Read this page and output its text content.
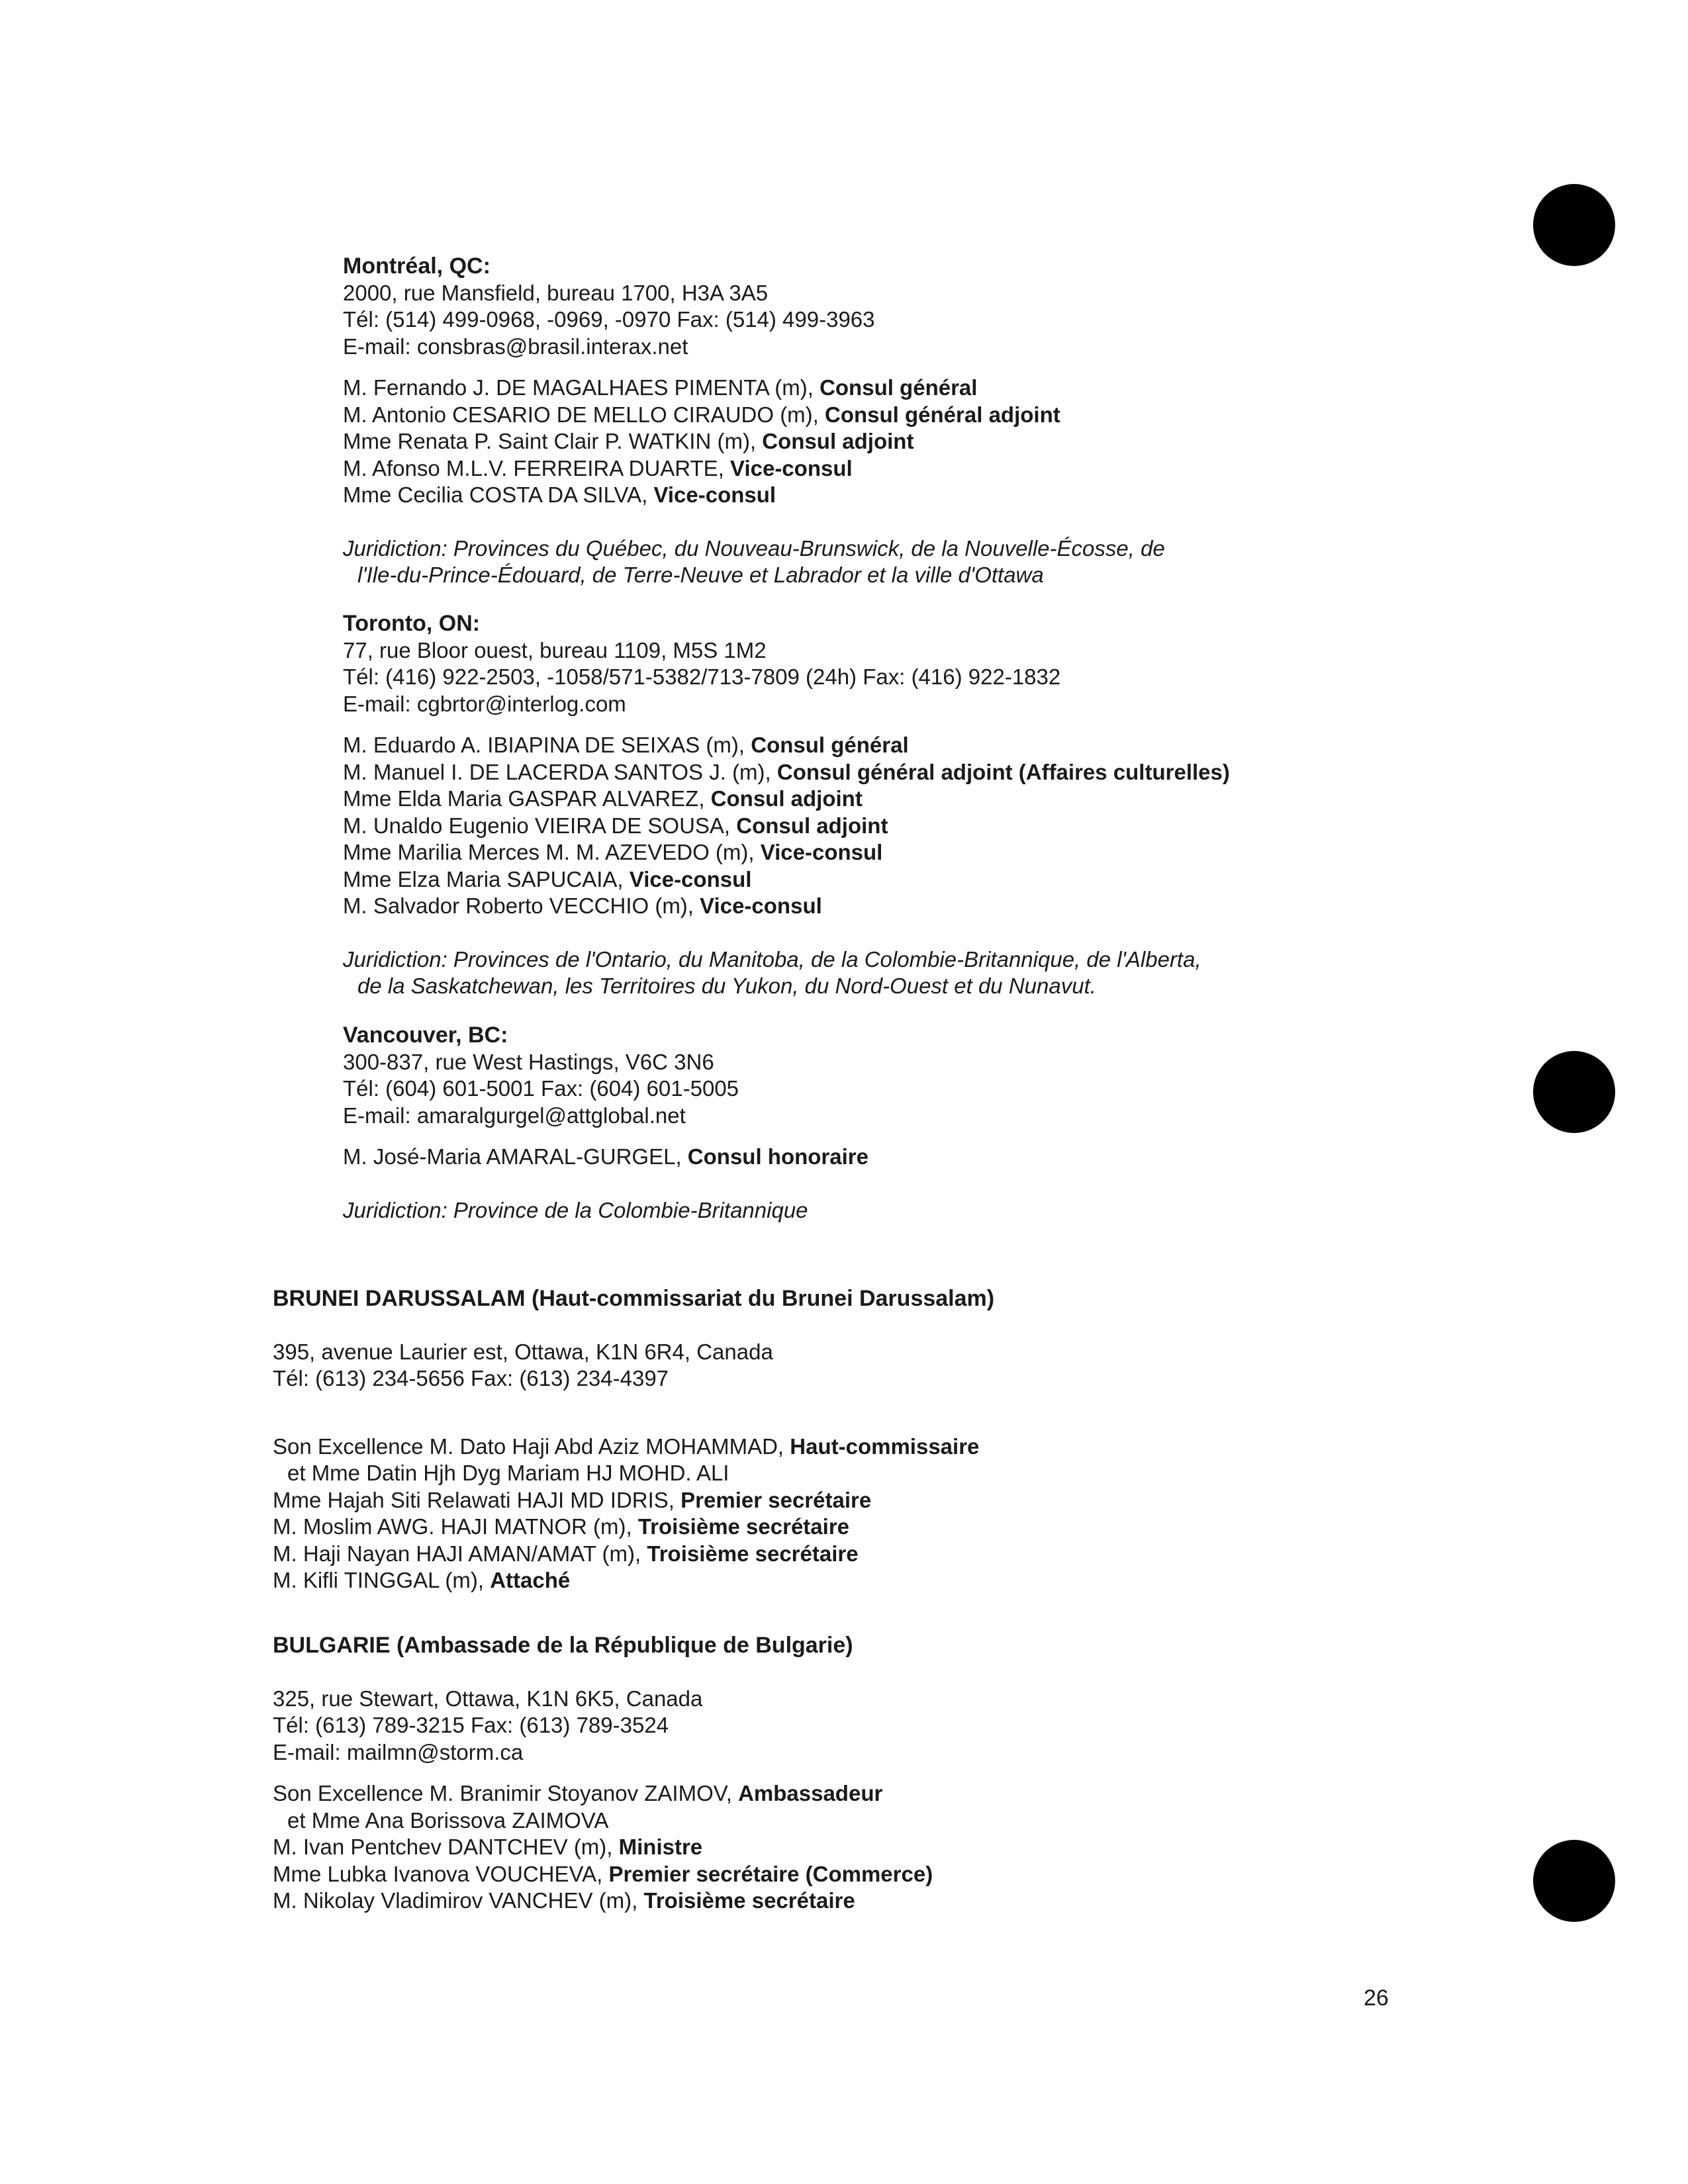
Montréal, QC:
2000, rue Mansfield, bureau 1700, H3A 3A5
Tél: (514) 499-0968, -0969, -0970 Fax: (514) 499-3963
E-mail: consbras@brasil.interax.net
M. Fernando J. DE MAGALHAES PIMENTA (m), Consul général
M. Antonio CESARIO DE MELLO CIRAUDO (m), Consul général adjoint
Mme Renata P. Saint Clair P. WATKIN (m), Consul adjoint
M. Afonso M.L.V. FERREIRA DUARTE, Vice-consul
Mme Cecilia COSTA DA SILVA, Vice-consul
Juridiction: Provinces du Québec, du Nouveau-Brunswick, de la Nouvelle-Écosse, de
l'Ile-du-Prince-Édouard, de Terre-Neuve et Labrador et la ville d'Ottawa
Toronto, ON:
77, rue Bloor ouest, bureau 1109, M5S 1M2
Tél: (416) 922-2503, -1058/571-5382/713-7809 (24h) Fax: (416) 922-1832
E-mail: cgbrtor@interlog.com
M. Eduardo A. IBIAPINA DE SEIXAS (m), Consul général
M. Manuel I. DE LACERDA SANTOS J. (m), Consul général adjoint (Affaires culturelles)
Mme Elda Maria GASPAR ALVAREZ, Consul adjoint
M. Unaldo Eugenio VIEIRA DE SOUSA, Consul adjoint
Mme Marilia Merces M. M. AZEVEDO (m), Vice-consul
Mme Elza Maria SAPUCAIA, Vice-consul
M. Salvador Roberto VECCHIO (m), Vice-consul
Juridiction: Provinces de l'Ontario, du Manitoba, de la Colombie-Britannique, de l'Alberta,
de la Saskatchewan, les Territoires du Yukon, du Nord-Ouest et du Nunavut.
Vancouver, BC:
300-837, rue West Hastings, V6C 3N6
Tél: (604) 601-5001 Fax: (604) 601-5005
E-mail: amaralgurgel@attglobal.net
M. José-Maria AMARAL-GURGEL, Consul honoraire
Juridiction: Province de la Colombie-Britannique
BRUNEI DARUSSALAM (Haut-commissariat du Brunei Darussalam)
395, avenue Laurier est, Ottawa, K1N 6R4, Canada
Tél: (613) 234-5656 Fax: (613) 234-4397
Son Excellence M. Dato Haji Abd Aziz MOHAMMAD, Haut-commissaire
et Mme Datin Hjh Dyg Mariam HJ MOHD. ALI
Mme Hajah Siti Relawati HAJI MD IDRIS, Premier secrétaire
M. Moslim AWG. HAJI MATNOR (m), Troisième secrétaire
M. Haji Nayan HAJI AMAN/AMAT (m), Troisième secrétaire
M. Kifli TINGGAL (m), Attaché
BULGARIE (Ambassade de la République de Bulgarie)
325, rue Stewart, Ottawa, K1N 6K5, Canada
Tél: (613) 789-3215 Fax: (613) 789-3524
E-mail: mailmn@storm.ca
Son Excellence M. Branimir Stoyanov ZAIMOV, Ambassadeur
et Mme Ana Borissova ZAIMOVA
M. Ivan Pentchev DANTCHEV (m), Ministre
Mme Lubka Ivanova VOUCHEVA, Premier secrétaire (Commerce)
M. Nikolay Vladimirov VANCHEV (m), Troisième secrétaire
26
